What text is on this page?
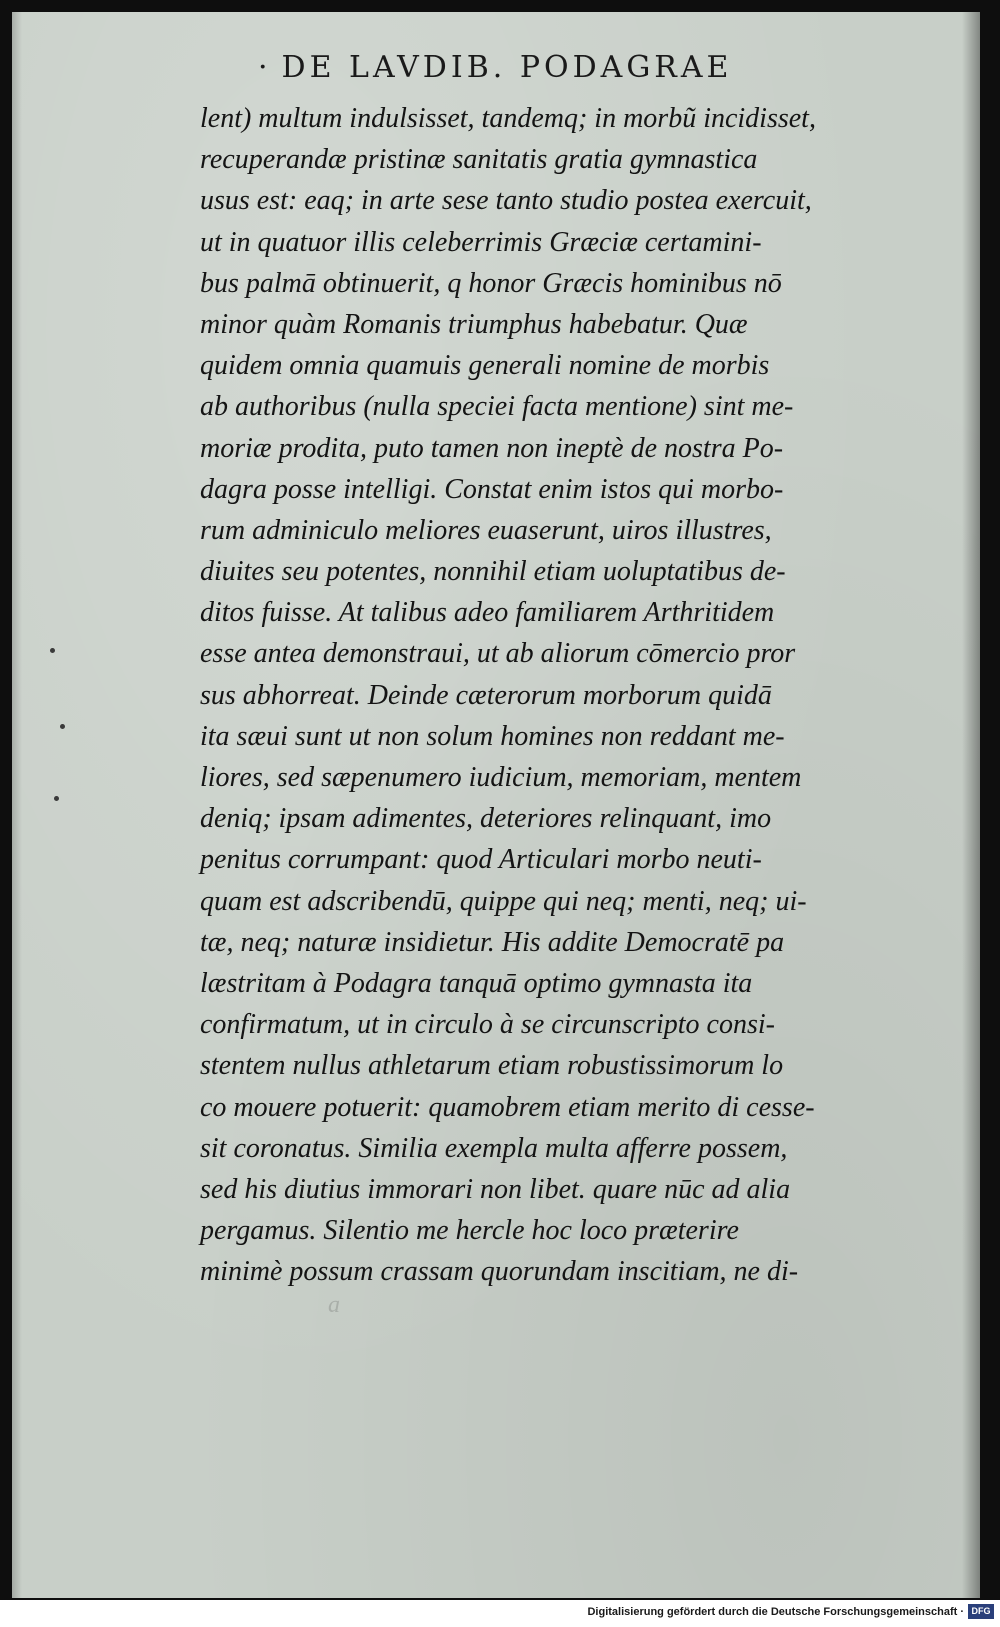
· DE LAVDIB. PODAGRAE
lent) multum indulsisset, tandemq; in morbũ incidisset,
recuperandæ pristinæ sanitatis gratia gymnastica
usus est: eaq; in arte sese tanto studio postea exercuit,
ut in quatuor illis celeberrimis Græciæ certamini-
bus palmā obtinuerit, q honor Græcis hominibus nō
minor quàm Romanis triumphus habebatur. Quæ
quidem omnia quamuis generali nomine de morbis
ab authoribus (nulla speciei facta mentione) sint me-
moriæ prodita, puto tamen non ineptè de nostra Po-
dagra posse intelligi. Constat enim istos qui morbo-
rum adminiculo meliores euaserunt, uiros illustres,
diuites seu potentes, nonnihil etiam uoluptatibus de-
ditos fuisse. At talibus adeo familiarem Arthritidem
esse antea demonstraui, ut ab aliorum cōmercio pror
sus abhorreat. Deinde cæterorum morborum quidā
ita sæui sunt ut non solum homines non reddant me-
liores, sed sæpenumero iudicium, memoriam, mentem
deniq; ipsam adimentes, deteriores relinquant, imo
penitus corrumpant: quod Articulari morbo neuti-
quam est adscribendū, quippe qui neq; menti, neq; ui-
tæ, neq; naturæ insidietur. His addite Democratē pa
læstritam à Podagra tanquā optimo gymnasta ita
confirmatum, ut in circulo à se circunscripto consi-
stentem nullus athletarum etiam robustissimorum lo
co mouere potuerit: quamobrem etiam merito di cesse-
sit coronatus. Similia exempla multa afferre possem,
sed his diutius immorari non libet. quare nūc ad alia
pergamus. Silentio me hercle hoc loco præterire
minimè possum crassam quorundam inscitiam, ne di-
a
Digitalisierung gefördert durch die Deutsche Forschungsgemeinschaft · DFG
